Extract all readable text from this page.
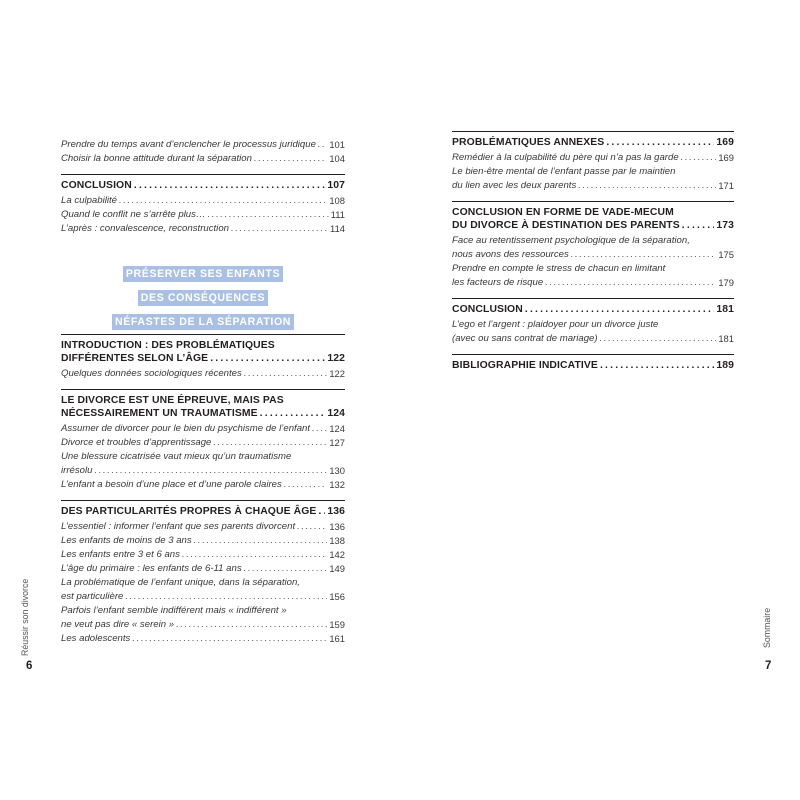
Prendre du temps avant d’enclencher le processus juridique ..... 101
Choisir la bonne attitude durant la séparation .....	104
CONCLUSION .....	107
La culpabilité .....	108
Quand le conflit ne s’arrête plus… .....	111
L’après : convalescence, reconstruction .....	114
PRÉSERVER SES ENFANTS
DES CONSÉQUENCES
NÉFASTES DE LA SÉPARATION
INTRODUCTION : DES PROBLÉMATIQUES
DIFFÉRENTES SELON L’ÂGE .....	122
Quelques données sociologiques récentes .....	122
LE DIVORCE EST UNE ÉPREUVE, MAIS PAS
NÉCESSAIREMENT UN TRAUMATISME .....	124
Assumer de divorcer pour le bien du psychisme de l’enfant ..... 124
Divorce et troubles d’apprentissage .....	127
Une blessure cicatrisée vaut mieux qu’un traumatisme
irrésolu .....	130
L’enfant a besoin d’une place et d’une parole claires .....	132
DES PARTICULARITÉS PROPRES À CHAQUE ÂGE ..... 136
L’essentiel : informer l’enfant que ses parents divorcent .....	136
Les enfants de moins de 3 ans .....	138
Les enfants entre 3 et 6 ans .....	142
L’âge du primaire : les enfants de 6-11 ans .....	149
La problématique de l’enfant unique, dans la séparation,
est particulière .....	156
Parfois l’enfant semble indifférent mais « indifférent »
ne veut pas dire « serein » .....	159
Les adolescents .....	161
Réussir son divorce
6
PROBLÉMATIQUES ANNEXES .....	169
Remédier à la culpabilité du père qui n’a pas la garde .....	169
Le bien-être mental de l’enfant passe par le maintien
du lien avec les deux parents .....	171
CONCLUSION EN FORME DE VADE-MECUM
DU DIVORCE À DESTINATION DES PARENTS .....	173
Face au retentissement psychologique de la séparation,
nous avons des ressources .....	175
Prendre en compte le stress de chacun en limitant
les facteurs de risque .....	179
CONCLUSION .....	181
L’ego et l’argent : plaidoyer pour un divorce juste
(avec ou sans contrat de mariage) .....	181
BIBLIOGRAPHIE INDICATIVE .....	189
Sommaire
7
